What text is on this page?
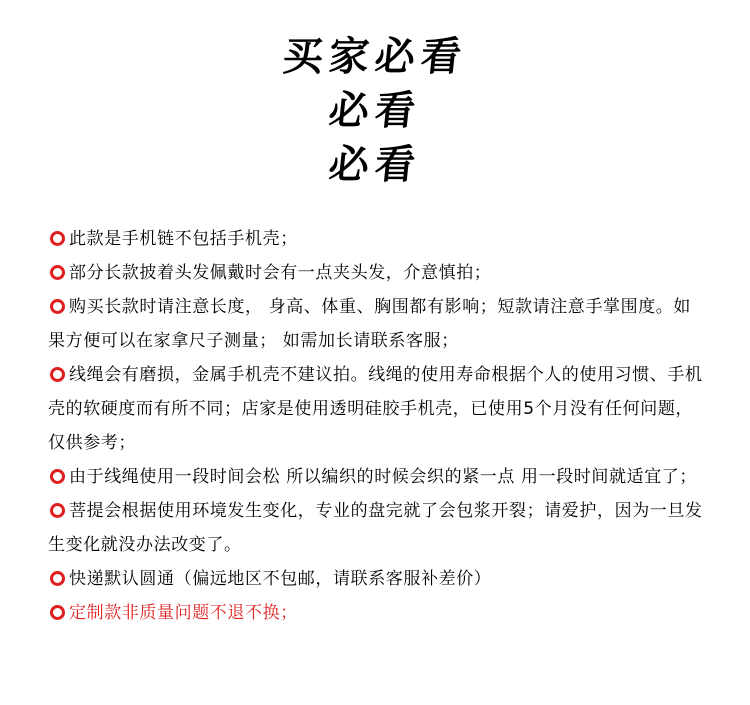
买家必看
必看
必看

此款是手机链不包括手机壳；

部分长款披着头发佩戴时会有一点夹头发，介意慎拍；

购买长款时请注意长度， 身高、体重、胸围都有影响；短款请注意手掌围度。如果方便可以在家拿尺子测量； 如需加长请联系客服；

线绳会有磨损，金属手机壳不建议拍。线绳的使用寿命根据个人的使用习惯、手机壳的软硬度而有所不同；店家是使用透明硅胶手机壳，已使用5个月没有任何问题，仅供参考；

由于线绳使用一段时间会松 所以编织的时候会织的紧一点 用一段时间就适宜了；

菩提会根据使用环境发生变化，专业的盘完就了会包浆开裂；请爱护，因为一旦发生变化就没办法改变了。

快递默认圆通（偏远地区不包邮，请联系客服补差价）

定制款非质量问题不退不换；
